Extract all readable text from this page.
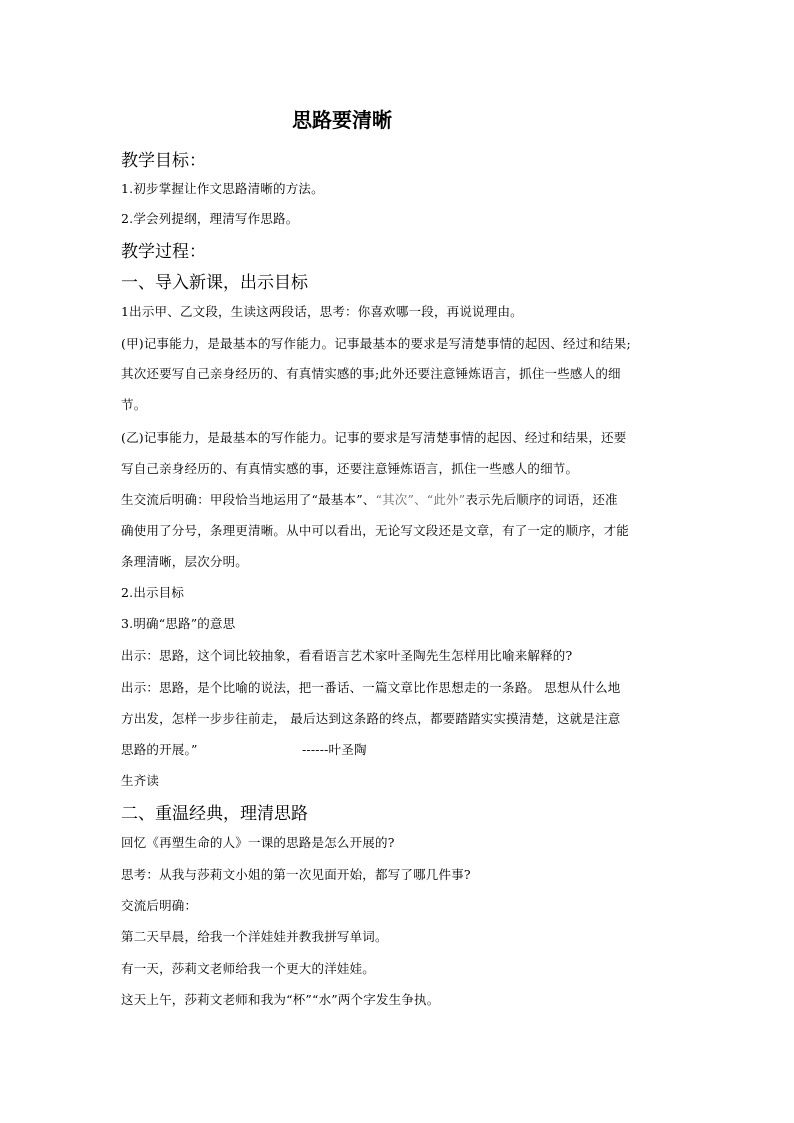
思路要清晰

教学目标：

1.初步掌握让作文思路清晰的方法。

2.学会列提纲，理清写作思路。

教学过程：

一、导入新课，出示目标

1出示甲、乙文段，生读这两段话，思考：你喜欢哪一段，再说说理由。

(甲)记事能力，是最基本的写作能力。记事最基本的要求是写清楚事情的起因、经过和结果;

其次还要写自己亲身经历的、有真情实感的事;此外还要注意锤炼语言，抓住一些感人的细

节。

(乙)记事能力，是最基本的写作能力。记事的要求是写清楚事情的起因、经过和结果，还要

写自己亲身经历的、有真情实感的事，还要注意锤炼语言，抓住一些感人的细节。

生交流后明确：甲段恰当地运用了“最基本”、“其次”、“此外”表示先后顺序的词语，还准

确使用了分号，条理更清晰。从中可以看出，无论写文段还是文章，有了一定的顺序，才能

条理清晰，层次分明。

2.出示目标

3.明确“思路”的意思

出示：思路，这个词比较抽象，看看语言艺术家叶圣陶先生怎样用比喻来解释的?

出示：思路，是个比喻的说法，把一番话、一篇文章比作思想走的一条路。 思想从什么地

方出发，怎样一步步往前走， 最后达到这条路的终点，都要踏踏实实摸清楚，这就是注意

思路的开展。”	------叶圣陶

生齐读

二、重温经典，理清思路

回忆《再塑生命的人》一课的思路是怎么开展的?

思考：从我与莎莉文小姐的第一次见面开始，都写了哪几件事?

交流后明确：

第二天早晨，给我一个洋娃娃并教我拼写单词。

有一天，莎莉文老师给我一个更大的洋娃娃。

这天上午，莎莉文老师和我为“杯”“水”两个字发生争执。
